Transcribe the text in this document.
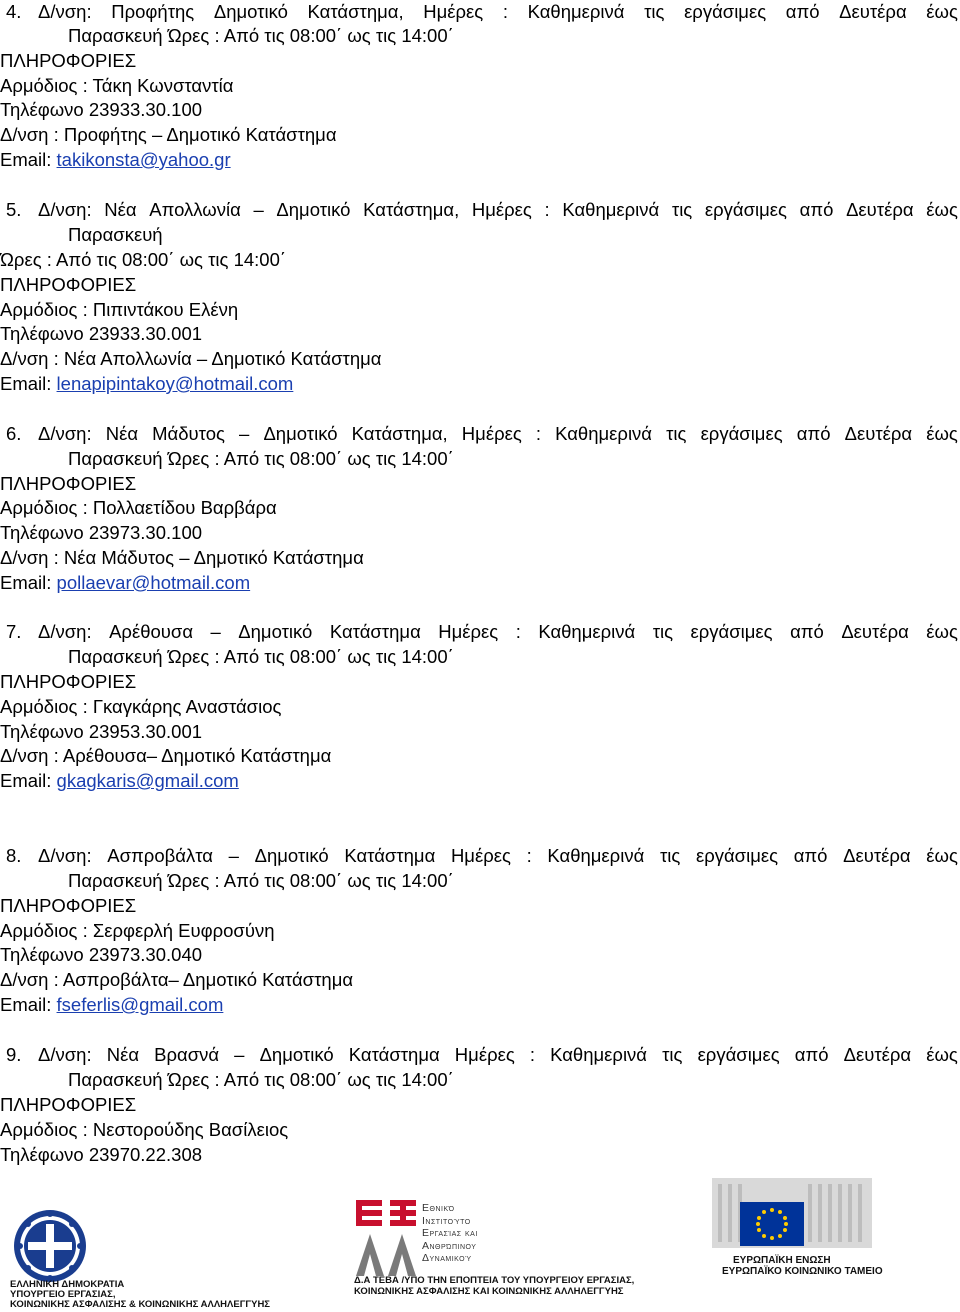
4. Δ/νση: Προφήτης Δημοτικό Κατάστημα, Ημέρες : Καθημερινά τις εργάσιμες από Δευτέρα έως
Παρασκευή Ώρες : Από τις 08:00΄ ως τις 14:00΄
ΠΛΗΡΟΦΟΡΙΕΣ
Αρμόδιος : Τάκη Κωνσταντία
Τηλέφωνο 23933.30.100
Δ/νση : Προφήτης – Δημοτικό Κατάστημα
Email: takikonsta@yahoo.gr
5. Δ/νση: Νέα Απολλωνία – Δημοτικό Κατάστημα, Ημέρες : Καθημερινά τις εργάσιμες από Δευτέρα έως
Παρασκευή
Ώρες : Από τις 08:00΄ ως τις 14:00΄
ΠΛΗΡΟΦΟΡΙΕΣ
Αρμόδιος : Πιπιντάκου Ελένη
Τηλέφωνο 23933.30.001
Δ/νση : Νέα Απολλωνία – Δημοτικό Κατάστημα
Email: lenapipintakoy@hotmail.com
6. Δ/νση: Νέα Μάδυτος – Δημοτικό Κατάστημα, Ημέρες : Καθημερινά τις εργάσιμες από Δευτέρα έως
Παρασκευή Ώρες : Από τις 08:00΄ ως τις 14:00΄
ΠΛΗΡΟΦΟΡΙΕΣ
Αρμόδιος : Πολλαετίδου Βαρβάρα
Τηλέφωνο 23973.30.100
Δ/νση : Νέα Μάδυτος – Δημοτικό Κατάστημα
Email: pollaevar@hotmail.com
7. Δ/νση: Αρέθουσα – Δημοτικό Κατάστημα Ημέρες : Καθημερινά τις εργάσιμες από Δευτέρα έως
Παρασκευή Ώρες : Από τις 08:00΄ ως τις 14:00΄
ΠΛΗΡΟΦΟΡΙΕΣ
Αρμόδιος : Γκαγκάρης Αναστάσιος
Τηλέφωνο 23953.30.001
Δ/νση : Αρέθουσα– Δημοτικό Κατάστημα
Email: gkagkaris@gmail.com
8. Δ/νση: Ασπροβάλτα – Δημοτικό Κατάστημα Ημέρες : Καθημερινά τις εργάσιμες από Δευτέρα έως
Παρασκευή Ώρες : Από τις 08:00΄ ως τις 14:00΄
ΠΛΗΡΟΦΟΡΙΕΣ
Αρμόδιος : Σερφερλή Ευφροσύνη
Τηλέφωνο 23973.30.040
Δ/νση : Ασπροβάλτα– Δημοτικό Κατάστημα
Email: fseferlis@gmail.com
9. Δ/νση: Νέα Βρασνά – Δημοτικό Κατάστημα Ημέρες : Καθημερινά τις εργάσιμες από Δευτέρα έως
Παρασκευή Ώρες : Από τις 08:00΄ ως τις 14:00΄
ΠΛΗΡΟΦΟΡΙΕΣ
Αρμόδιος : Νεστορούδης Βασίλειος
Τηλέφωνο 23970.22.308
ΕΛΛΗΝΙΚΗ ΔΗΜΟΚΡΑΤΙΑ
ΥΠΟΥΡΓΕΙΟ ΕΡΓΑΣΙΑΣ,
ΚΟΙΝΩΝΙΚΗΣ ΑΣΦΑΛΙΣΗΣ & ΚΟΙΝΩΝΙΚΗΣ ΑΛΛΗΛΕΓΓΥΗΣ
Εθνικό
Ινστιτούτο
Εργασίας και
Ανθρώπινου
Δυναμικού
Δ.Α ΤΕΒΑ /ΥΠΟ ΤΗΝ ΕΠΟΠΤΕΙΑ ΤΟΥ ΥΠΟΥΡΓΕΙΟΥ ΕΡΓΑΣΙΑΣ,
ΚΟΙΝΩΝΙΚΗΣ ΑΣΦΑΛΙΣΗΣ ΚΑΙ ΚΟΙΝΩΝΙΚΗΣ ΑΛΛΗΛΕΓΓΥΗΣ
ΕΥΡΩΠΑΪΚΗ ΕΝΩΣΗ
ΕΥΡΩΠΑΪΚΟ ΚΟΙΝΩΝΙΚΟ ΤΑΜΕΙΟ
